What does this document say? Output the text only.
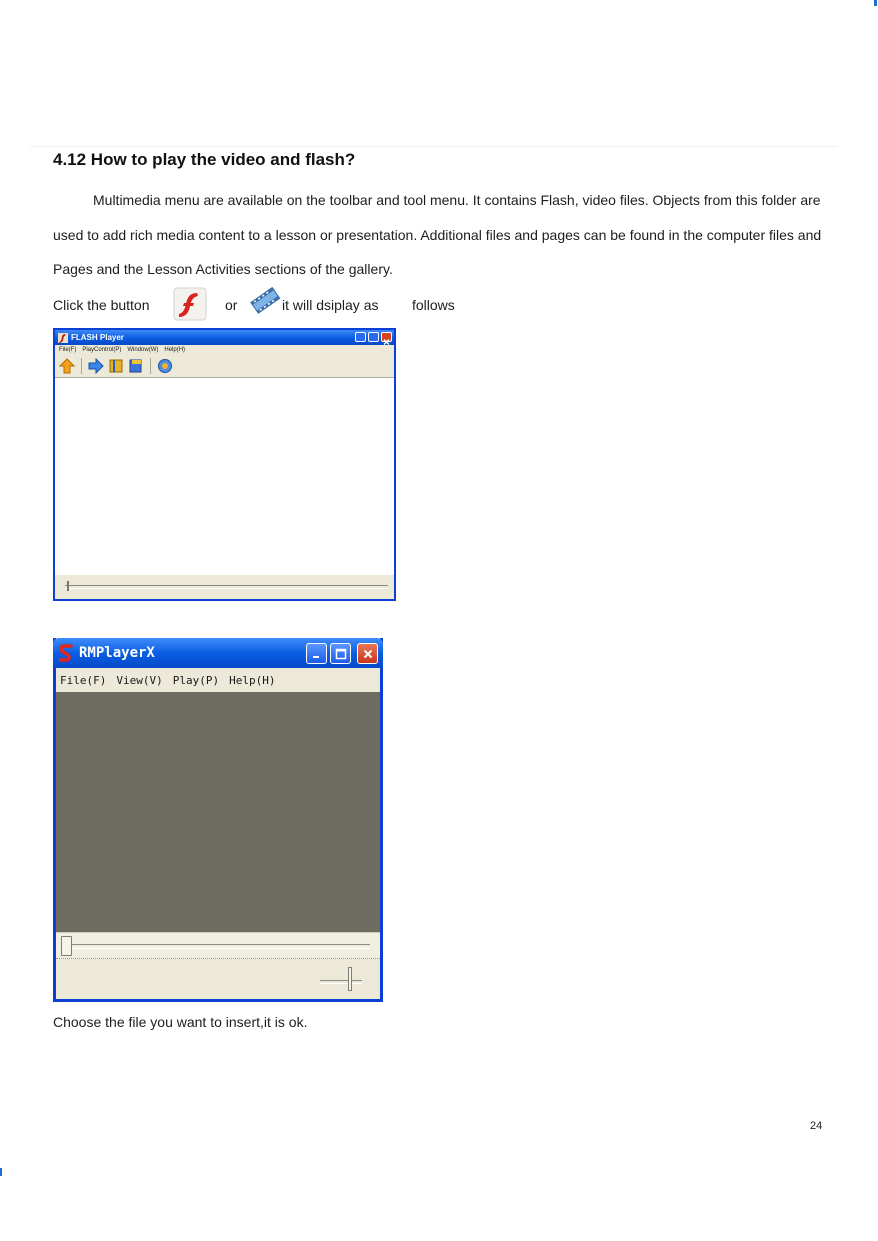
4.12 How to play the video and flash?
Multimedia menu are available on the toolbar and tool menu. It contains Flash, video files. Objects from this folder are used to add rich media content to a lesson or presentation. Additional files and pages can be found in the computer files and Pages and the Lesson Activities sections of the gallery.
Click the button	or	it will dsiplay as follows
FLASH Player
File(F) PlayControl(P) Window(W) Help(H)
RMPlayerX
File(F) View(V) Play(P) Help(H)
Choose the file you want to insert,it is ok.
24
